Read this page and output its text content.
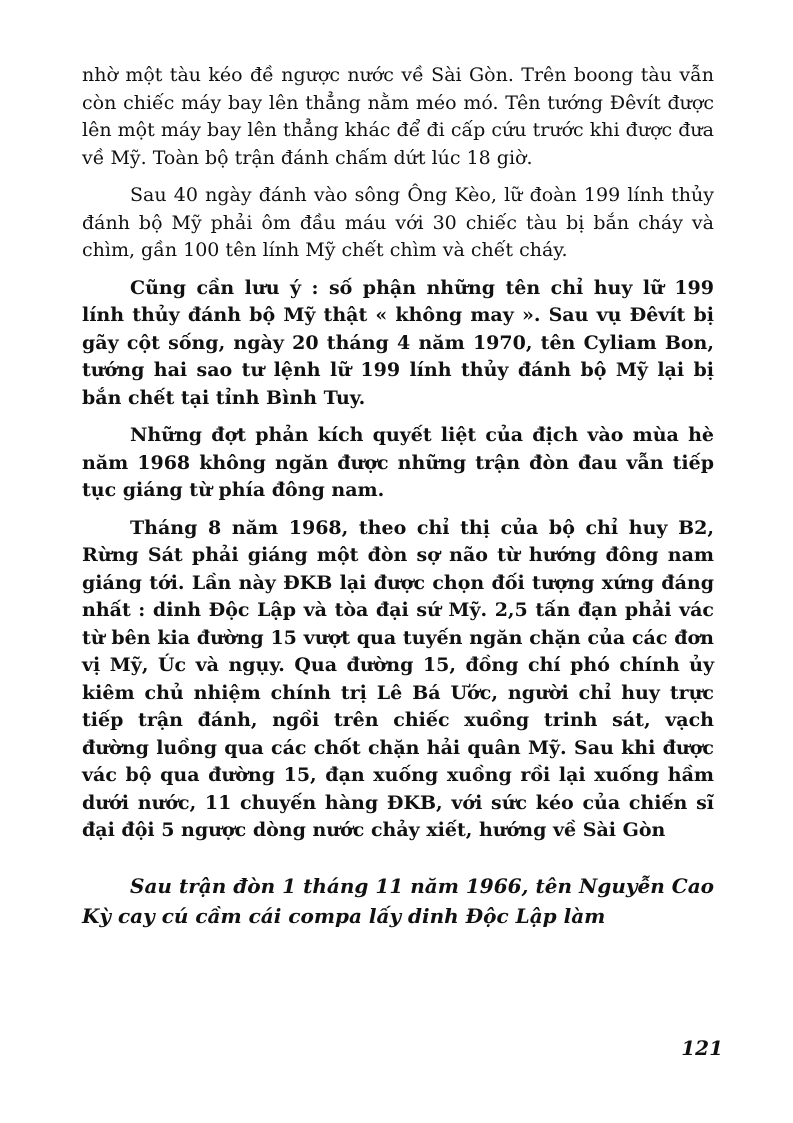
nhờ một tàu kéo đề ngược nước về Sài Gòn. Trên boong tàu vẫn còn chiếc máy bay lên thẳng nằm méo mó. Tên tướng Đêvít được lên một máy bay lên thẳng khác để đi cấp cứu trước khi được đưa về Mỹ. Toàn bộ trận đánh chấm dứt lúc 18 giờ.

Sau 40 ngày đánh vào sông Ông Kèo, lữ đoàn 199 lính thủy đánh bộ Mỹ phải ôm đầu máu với 30 chiếc tàu bị bắn cháy và chìm, gần 100 tên lính Mỹ chết chìm và chết cháy.

Cũng cần lưu ý : số phận những tên chỉ huy lữ 199 lính thủy đánh bộ Mỹ thật « không may ». Sau vụ Đêvít bị gãy cột sống, ngày 20 tháng 4 năm 1970, tên Cyliam Bon, tướng hai sao tư lệnh lữ 199 lính thủy đánh bộ Mỹ lại bị bắn chết tại tỉnh Bình Tuy.

Những đợt phản kích quyết liệt của địch vào mùa hè năm 1968 không ngăn được những trận đòn đau vẫn tiếp tục giáng từ phía đông nam.

Tháng 8 năm 1968, theo chỉ thị của bộ chỉ huy B2, Rừng Sát phải giáng một đòn sợ não từ hướng đông nam giáng tới. Lần này ĐKB lại được chọn đối tượng xứng đáng nhất : dinh Độc Lập và tòa đại sứ Mỹ. 2,5 tấn đạn phải vác từ bên kia đường 15 vượt qua tuyến ngăn chặn của các đơn vị Mỹ, Úc và ngụy. Qua đường 15, đồng chí phó chính ủy kiêm chủ nhiệm chính trị Lê Bá Ước, người chỉ huy trực tiếp trận đánh, ngồi trên chiếc xuồng trinh sát, vạch đường luồng qua các chốt chặn hải quân Mỹ. Sau khi được vác bộ qua đường 15, đạn xuống xuồng rồi lại xuống hầm dưới nước, 11 chuyến hàng ĐKB, với sức kéo của chiến sĩ đại đội 5 ngược dòng nước chảy xiết, hướng về Sài Gòn

Sau trận đòn 1 tháng 11 năm 1966, tên Nguyễn Cao Kỳ cay cú cầm cái compa lấy dinh Độc Lập làm

121
